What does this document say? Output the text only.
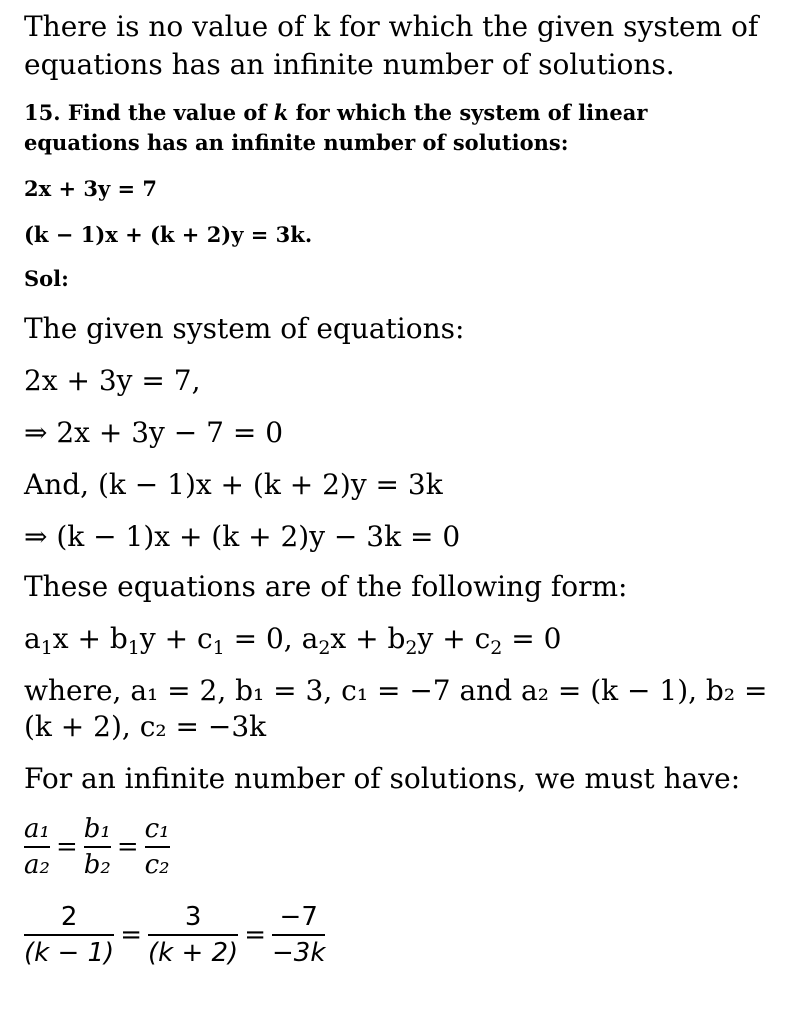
There is no value of k for which the given system of
equations has an infinite number of solutions.
15. Find the value of k for which the system of linear
equations has an infinite number of solutions:
2x + 3y = 7
(k − 1)x + (k + 2)y = 3k.
Sol:
The given system of equations:
2x + 3y = 7,
⇒ 2x + 3y − 7 = 0
And, (k − 1)x + (k + 2)y = 3k
⇒ (k − 1)x + (k + 2)y − 3k = 0
These equations are of the following form:
$a_1x + b_1y + c_1 = 0$, $a_2x + b_2y + c_2 = 0$
where, a₁ = 2, b₁ = 3, c₁ = −7 and a₂ = (k − 1), b₂ =
(k + 2), c₂ = −3k
For an infinite number of solutions, we must have:
$\frac{\text{a₁}}{\text{a₂}} = \frac{\text{b₁}}{\text{b₂}} = \frac{\text{c₁}}{\text{c₂}}$
$\frac{2}{(k - 1)} = \frac{3}{(k + 2)} = \frac{-7}{-3k}$
